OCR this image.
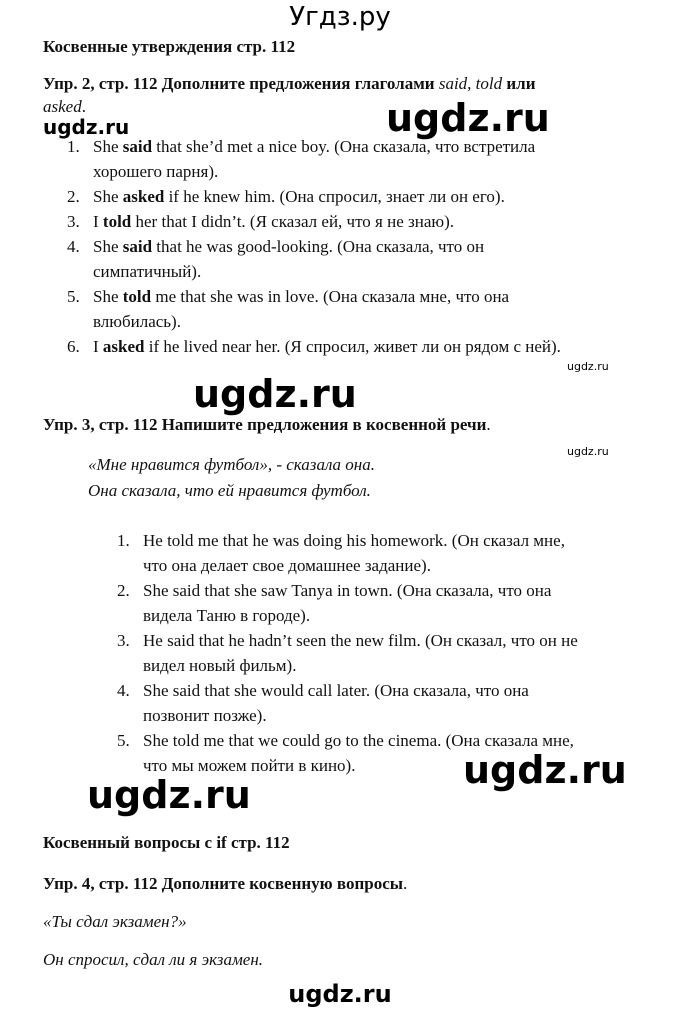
Угдз.ру
Косвенные утверждения стр. 112
Упр. 2, стр. 112 Дополните предложения глаголами said, told или
asked.
ugdz.ru	ugdz.ru
1. She said that she’d met a nice boy. (Она сказала, что встретила
хорошего парня).
2. She asked if he knew him. (Она спросил, знает ли он его).
3. I told her that I didn’t. (Я сказал ей, что я не знаю).
4. She said that he was good-looking. (Она сказала, что он
симпатичный).
5. She told me that she was in love. (Она сказала мне, что она
влюбилась).
6. I asked if he lived near her. (Я спросил, живет ли он рядом с ней).
ugdz.ru
ugdz.ru
Упр. 3, стр. 112 Напишите предложения в косвенной речи.
ugdz.ru
«Мне нравится футбол», - сказала она.
Она сказала, что ей нравится футбол.
1. He told me that he was doing his homework. (Он сказал мне,
что она делает свое домашнее задание).
2. She said that she saw Tanya in town. (Она сказала, что она
видела Таню в городе).
3. He said that he hadn’t seen the new film. (Он сказал, что он не
видел новый фильм).
4. She said that she would call later. (Она сказала, что она
позвонит позже).
5. She told me that we could go to the cinema. (Она сказала мне,
что мы можем пойти в кино).	ugdz.ru
ugdz.ru
Косвенный вопросы с if стр. 112
Упр. 4, стр. 112 Дополните косвенную вопросы.
«Ты сдал экзамен?»
Он спросил, сдал ли я экзамен.
ugdz.ru
